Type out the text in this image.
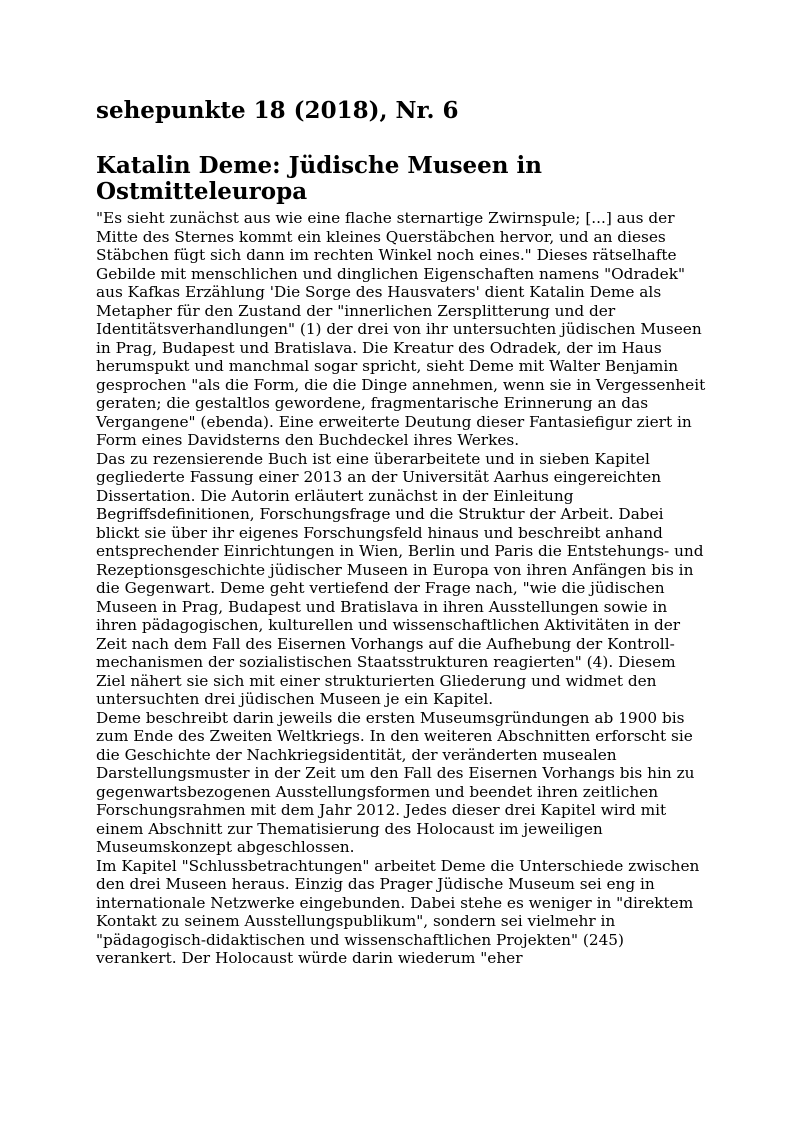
sehepunkte 18 (2018), Nr. 6
Katalin Deme: Jüdische Museen in Ostmitteleuropa

"Es sieht zunächst aus wie eine flache sternartige Zwirnspule; [...] aus der Mitte des Sternes kommt ein kleines Querstäbchen hervor, und an dieses Stäbchen fügt sich dann im rechten Winkel noch eines." Dieses rätselhafte Gebilde mit menschlichen und dinglichen Eigenschaften namens "Odradek" aus Kafkas Erzählung 'Die Sorge des Hausvaters' dient Katalin Deme als Metapher für den Zustand der "innerlichen Zersplitterung und der Identitätsverhandlungen" (1) der drei von ihr untersuchten jüdischen Museen in Prag, Budapest und Bratislava. Die Kreatur des Odradek, der im Haus herumspukt und manchmal sogar spricht, sieht Deme mit Walter Benjamin gesprochen "als die Form, die die Dinge annehmen, wenn sie in Vergessenheit geraten; die gestaltlos gewordene, fragmentarische Erinnerung an das Vergangene" (ebenda). Eine erweiterte Deutung dieser Fantasiefigur ziert in Form eines Davidsterns den Buchdeckel ihres Werkes.

Das zu rezensierende Buch ist eine überarbeitete und in sieben Kapitel gegliederte Fassung einer 2013 an der Universität Aarhus eingereichten Dissertation. Die Autorin erläutert zunächst in der Einleitung Begriffsdefinitionen, Forschungsfrage und die Struktur der Arbeit. Dabei blickt sie über ihr eigenes Forschungsfeld hinaus und beschreibt anhand entsprechender Einrichtungen in Wien, Berlin und Paris die Entstehungs- und Rezeptionsgeschichte jüdischer Museen in Europa von ihren Anfängen bis in die Gegenwart. Deme geht vertiefend der Frage nach, "wie die jüdischen Museen in Prag, Budapest und Bratislava in ihren Ausstellungen sowie in ihren pädagogischen, kulturellen und wissenschaftlichen Aktivitäten in der Zeit nach dem Fall des Eisernen Vorhangs auf die Aufhebung der Kontroll-mechanismen der sozialistischen Staatsstrukturen reagierten" (4). Diesem Ziel nähert sie sich mit einer strukturierten Gliederung und widmet den untersuchten drei jüdischen Museen je ein Kapitel.

Deme beschreibt darin jeweils die ersten Museumsgründungen ab 1900 bis zum Ende des Zweiten Weltkriegs. In den weiteren Abschnitten erforscht sie die Geschichte der Nachkriegsidentität, der veränderten musealen Darstellungsmuster in der Zeit um den Fall des Eisernen Vorhangs bis hin zu gegenwartsbezogenen Ausstellungsformen und beendet ihren zeitlichen Forschungsrahmen mit dem Jahr 2012. Jedes dieser drei Kapitel wird mit einem Abschnitt zur Thematisierung des Holocaust im jeweiligen Museumskonzept abgeschlossen.

Im Kapitel "Schlussbetrachtungen" arbeitet Deme die Unterschiede zwischen den drei Museen heraus. Einzig das Prager Jüdische Museum sei eng in internationale Netzwerke eingebunden. Dabei stehe es weniger in "direktem Kontakt zu seinem Ausstellungspublikum", sondern sei vielmehr in "pädagogisch-didaktischen und wissenschaftlichen Projekten" (245) verankert. Der Holocaust würde darin wiederum "eher
